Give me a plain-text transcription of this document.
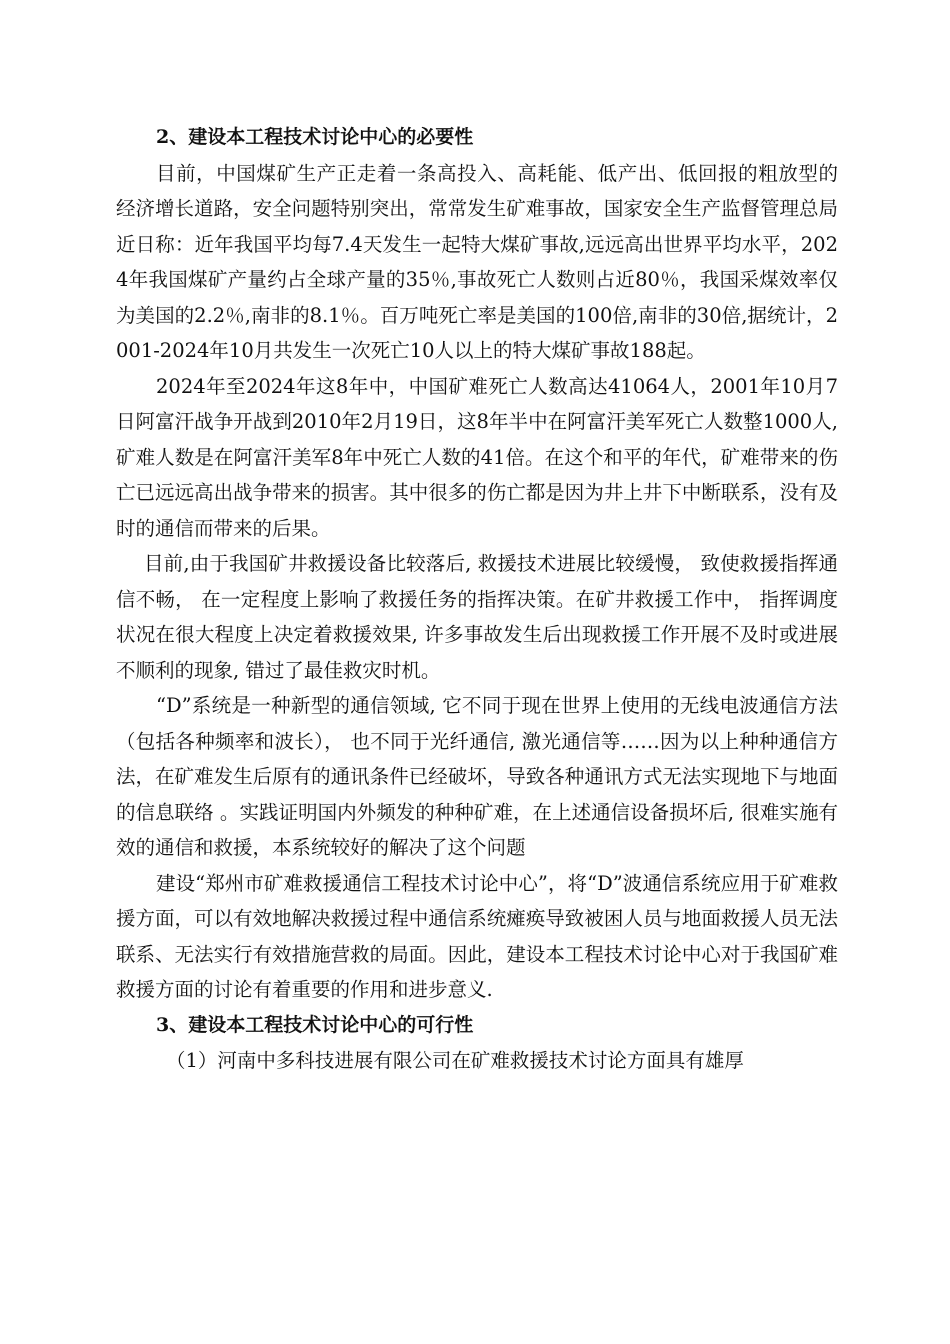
2、建设本工程技术讨论中心的必要性

目前，中国煤矿生产正走着一条高投入、高耗能、低产出、低回报的粗放型的经济增长道路，安全问题特别突出，常常发生矿难事故，国家安全生产监督管理总局近日称：近年我国平均每7.4天发生一起特大煤矿事故,远远高出世界平均水平，2024年我国煤矿产量约占全球产量的35％,事故死亡人数则占近80％，我国采煤效率仅为美国的2.2％,南非的8.1％。百万吨死亡率是美国的100倍,南非的30倍,据统计，2001-2024年10月共发生一次死亡10人以上的特大煤矿事故188起。

2024年至2024年这8年中，中国矿难死亡人数高达41064人，2001年10月7日阿富汗战争开战到2010年2月19日，这8年半中在阿富汗美军死亡人数整1000人,矿难人数是在阿富汗美军8年中死亡人数的41倍。在这个和平的年代，矿难带来的伤亡已远远高出战争带来的损害。其中很多的伤亡都是因为井上井下中断联系，没有及时的通信而带来的后果。

目前,由于我国矿井救援设备比较落后, 救援技术进展比较缓慢， 致使救援指挥通信不畅， 在一定程度上影响了救援任务的指挥决策。在矿井救援工作中， 指挥调度状况在很大程度上决定着救援效果, 许多事故发生后出现救援工作开展不及时或进展不顺利的现象, 错过了最佳救灾时机。

“D”系统是一种新型的通信领域, 它不同于现在世界上使用的无线电波通信方法（包括各种频率和波长）， 也不同于光纤通信, 激光通信等……因为以上种种通信方法，在矿难发生后原有的通讯条件已经破坏，导致各种通讯方式无法实现地下与地面的信息联络 。实践证明国内外频发的种种矿难，在上述通信设备损坏后, 很难实施有效的通信和救援，本系统较好的解决了这个问题

建设“郑州市矿难救援通信工程技术讨论中心”，将“D”波通信系统应用于矿难救援方面，可以有效地解决救援过程中通信系统瘫痪导致被困人员与地面救援人员无法联系、无法实行有效措施营救的局面。因此，建设本工程技术讨论中心对于我国矿难救援方面的讨论有着重要的作用和进步意义.

3、建设本工程技术讨论中心的可行性

（1）河南中多科技进展有限公司在矿难救援技术讨论方面具有雄厚
